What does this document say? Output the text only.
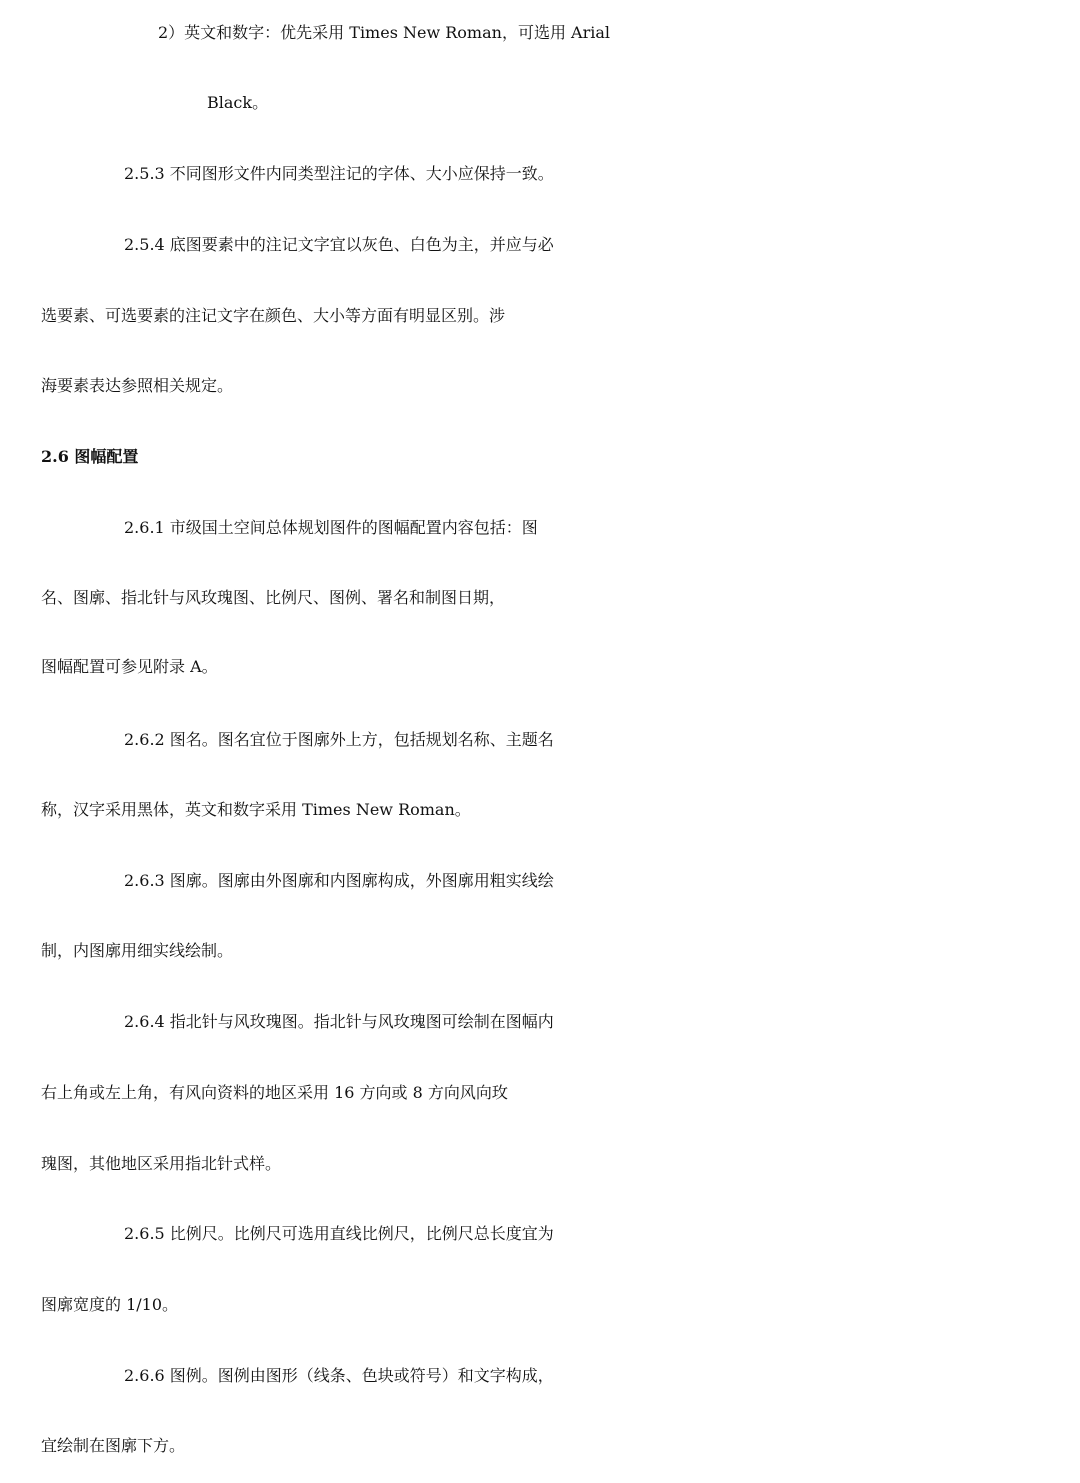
2）英文和数字：优先采用 Times New Roman，可选用 Arial
Black。
2.5.3 不同图形文件内同类型注记的字体、大小应保持一致。
2.5.4 底图要素中的注记文字宜以灰色、白色为主，并应与必
选要素、可选要素的注记文字在颜色、大小等方面有明显区别。涉
海要素表达参照相关规定。
2.6 图幅配置
2.6.1 市级国土空间总体规划图件的图幅配置内容包括：图
名、图廓、指北针与风玫瑰图、比例尺、图例、署名和制图日期，
图幅配置可参见附录 A。
2.6.2 图名。图名宜位于图廓外上方，包括规划名称、主题名
称，汉字采用黑体，英文和数字采用 Times New Roman。
2.6.3 图廓。图廓由外图廓和内图廓构成，外图廓用粗实线绘
制，内图廓用细实线绘制。
2.6.4 指北针与风玫瑰图。指北针与风玫瑰图可绘制在图幅内
右上角或左上角，有风向资料的地区采用 16 方向或 8 方向风向玫
瑰图，其他地区采用指北针式样。
2.6.5 比例尺。比例尺可选用直线比例尺，比例尺总长度宜为
图廓宽度的 1/10。
2.6.6 图例。图例由图形（线条、色块或符号）和文字构成，
宜绘制在图廓下方。
